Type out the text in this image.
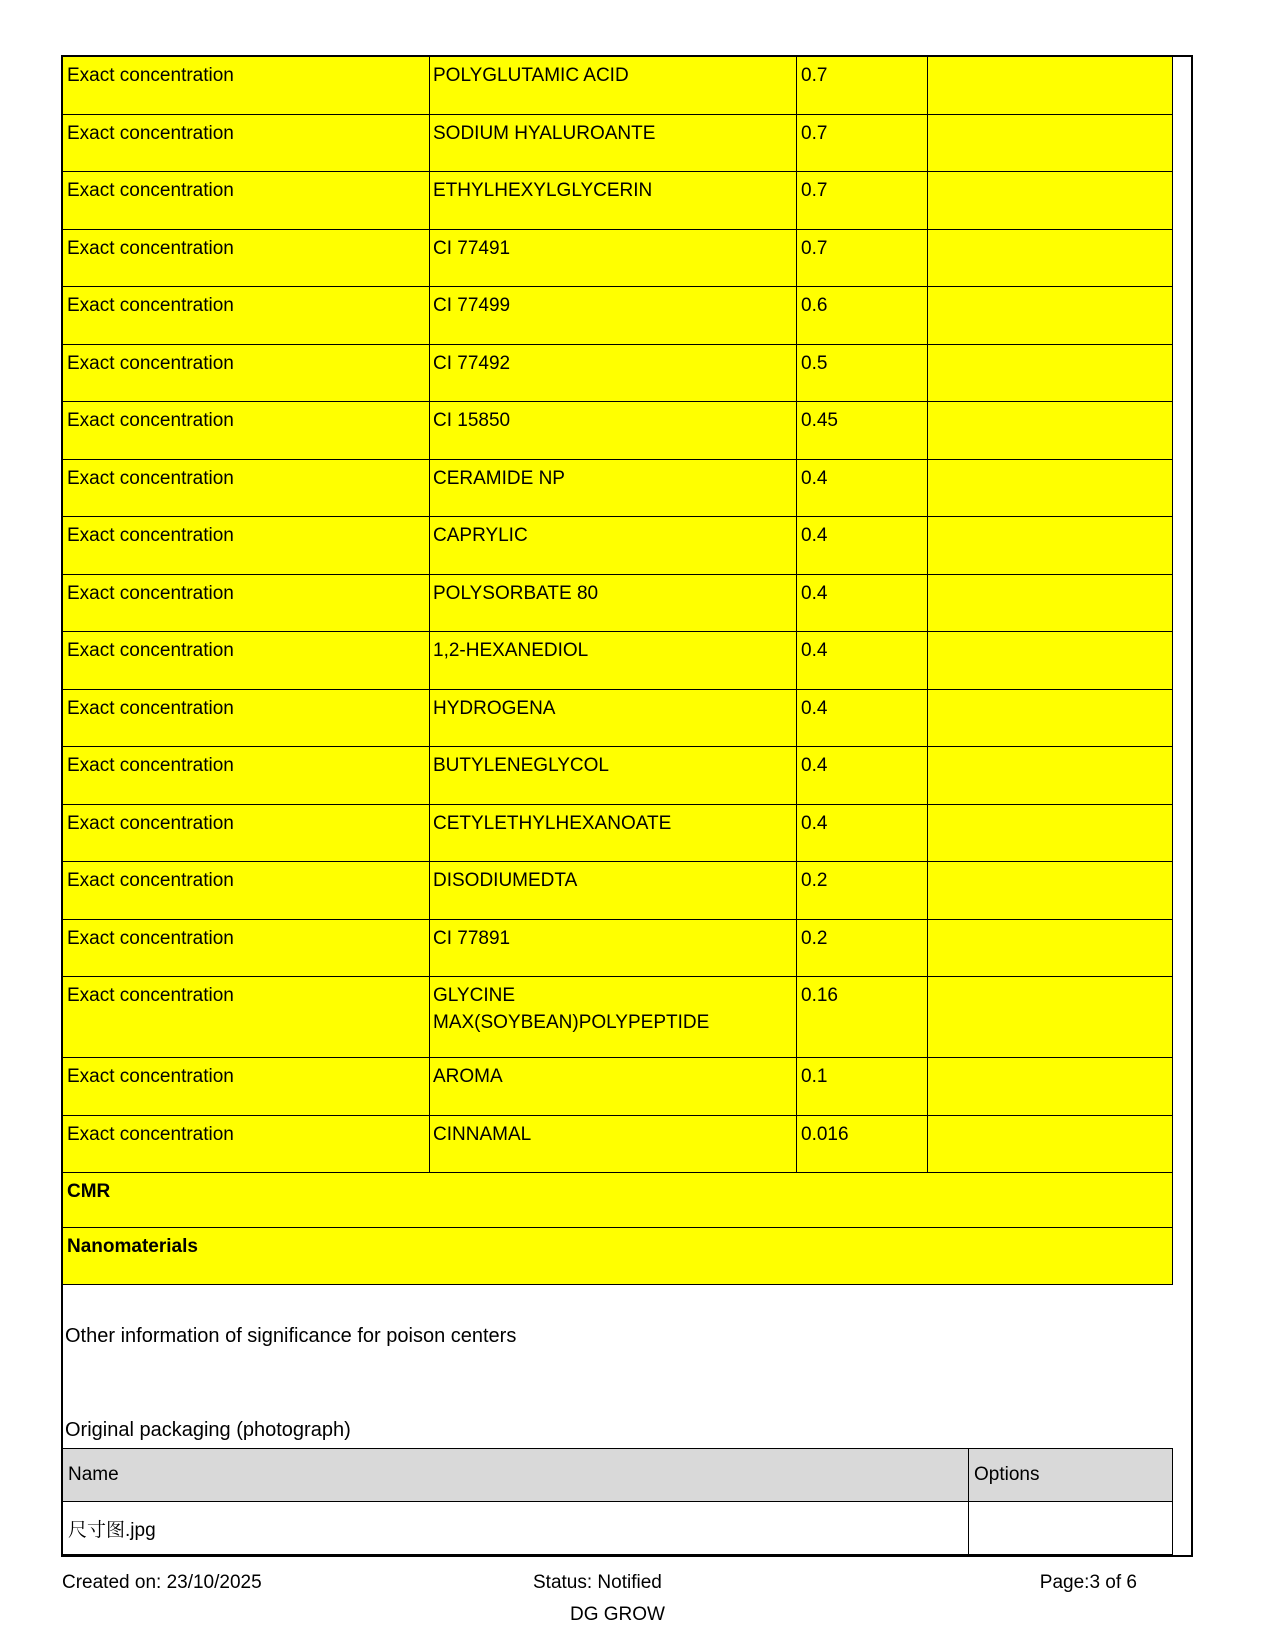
Exact concentration	POLYGLUTAMIC ACID	0.7	
Exact concentration	SODIUM HYALUROANTE	0.7	
Exact concentration	ETHYLHEXYLGLYCERIN	0.7	
Exact concentration	CI 77491	0.7	
Exact concentration	CI 77499	0.6	
Exact concentration	CI 77492	0.5	
Exact concentration	CI 15850	0.45	
Exact concentration	CERAMIDE NP	0.4	
Exact concentration	CAPRYLIC	0.4	
Exact concentration	POLYSORBATE 80	0.4	
Exact concentration	1,2-HEXANEDIOL	0.4	
Exact concentration	HYDROGENA	0.4	
Exact concentration	BUTYLENEGLYCOL	0.4	
Exact concentration	CETYLETHYLHEXANOATE	0.4	
Exact concentration	DISODIUMEDTA	0.2	
Exact concentration	CI 77891	0.2	
Exact concentration	GLYCINE MAX(SOYBEAN)POLYPEPTIDE	0.16	
Exact concentration	AROMA	0.1	
Exact concentration	CINNAMAL	0.016	
CMR			
Nanomaterials			
Other information of significance for poison centers
Original packaging (photograph)
Name	Options
尺寸图.jpg	
Created on: 23/10/2025	Status: Notified	Page:3 of 6
DG GROW
